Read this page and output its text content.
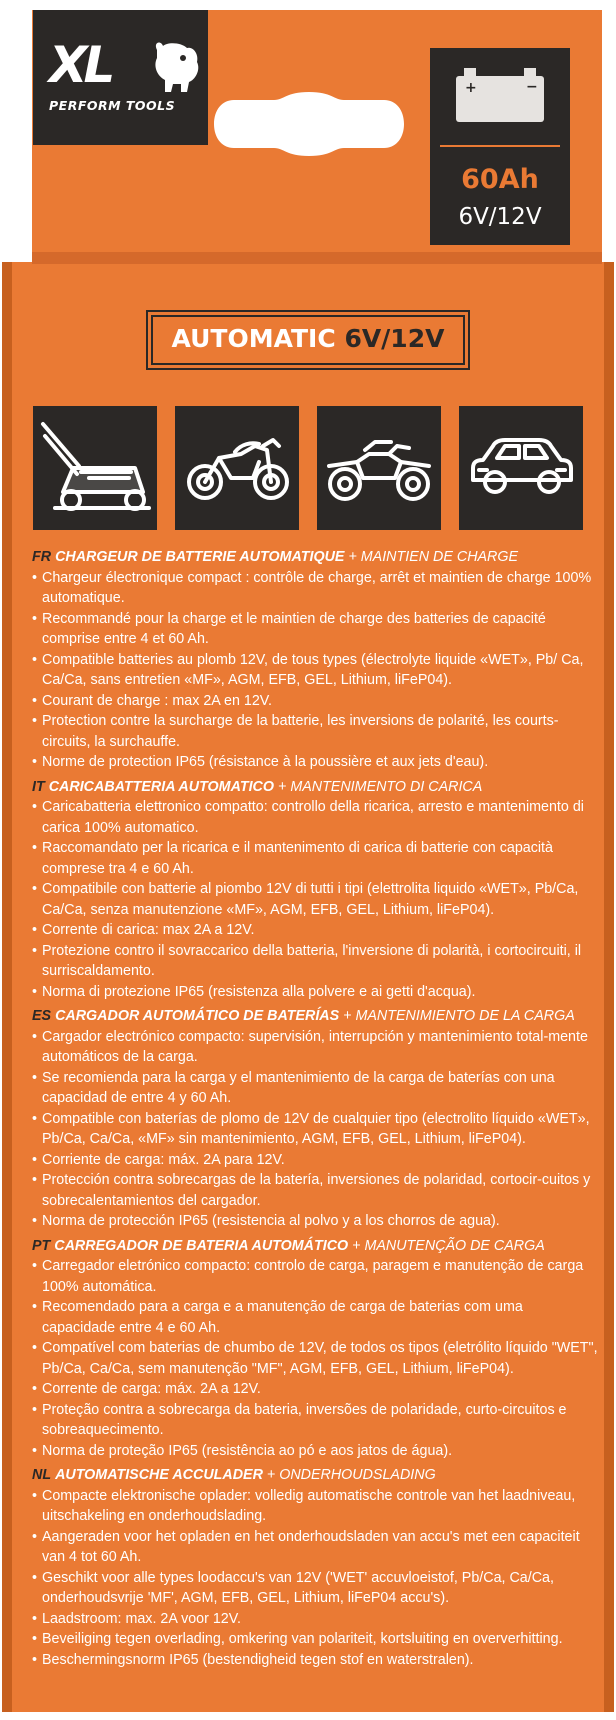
XL
PERFORM TOOLS
+	−
60Ah
6V/12V
AUTOMATIC 6V/12V
FR CHARGEUR DE BATTERIE AUTOMATIQUE + MAINTIEN DE CHARGE
• Chargeur électronique compact : contrôle de charge, arrêt et maintien de charge 100% automatique.
• Recommandé pour la charge et le maintien de charge des batteries de capacité comprise entre 4 et 60 Ah.
• Compatible batteries au plomb 12V, de tous types (électrolyte liquide «WET», Pb/ Ca, Ca/Ca, sans entretien «MF», AGM, EFB, GEL, Lithium, liFeP04).
• Courant de charge : max 2A en 12V.
• Protection contre la surcharge de la batterie, les inversions de polarité, les courts-circuits, la surchauffe.
• Norme de protection IP65 (résistance à la poussière et aux jets d'eau).
IT CARICABATTERIA AUTOMATICO + MANTENIMENTO DI CARICA
• Caricabatteria elettronico compatto: controllo della ricarica, arresto e mantenimento di carica 100% automatico.
• Raccomandato per la ricarica e il mantenimento di carica di batterie con capacità comprese tra 4 e 60 Ah.
• Compatibile con batterie al piombo 12V di tutti i tipi (elettrolita liquido «WET», Pb/Ca, Ca/Ca, senza manutenzione «MF», AGM, EFB, GEL, Lithium, liFeP04).
• Corrente di carica: max 2A a 12V.
• Protezione contro il sovraccarico della batteria, l'inversione di polarità, i cortocircuiti, il surriscaldamento.
• Norma di protezione IP65 (resistenza alla polvere e ai getti d'acqua).
ES CARGADOR AUTOMÁTICO DE BATERÍAS + MANTENIMIENTO DE LA CARGA
• Cargador electrónico compacto: supervisión, interrupción y mantenimiento total-mente automáticos de la carga.
• Se recomienda para la carga y el mantenimiento de la carga de baterías con una capacidad de entre 4 y 60 Ah.
• Compatible con baterías de plomo de 12V de cualquier tipo (electrolito líquido «WET», Pb/Ca, Ca/Ca, «MF» sin mantenimiento, AGM, EFB, GEL, Lithium, liFeP04).
• Corriente de carga: máx. 2A para 12V.
• Protección contra sobrecargas de la batería, inversiones de polaridad, cortocir-cuitos y sobrecalentamientos del cargador.
• Norma de protección IP65 (resistencia al polvo y a los chorros de agua).
PT CARREGADOR DE BATERIA AUTOMÁTICO + MANUTENÇÃO DE CARGA
• Carregador eletrónico compacto: controlo de carga, paragem e manutenção de carga 100% automática.
• Recomendado para a carga e a manutenção de carga de baterias com uma capacidade entre 4 e 60 Ah.
• Compatível com baterias de chumbo de 12V, de todos os tipos (eletrólito líquido "WET", Pb/Ca, Ca/Ca, sem manutenção "MF", AGM, EFB, GEL, Lithium, liFeP04).
• Corrente de carga: máx. 2A a 12V.
• Proteção contra a sobrecarga da bateria, inversões de polaridade, curto-circuitos e sobreaquecimento.
• Norma de proteção IP65 (resistência ao pó e aos jatos de água).
NL AUTOMATISCHE ACCULADER + ONDERHOUDSLADING
• Compacte elektronische oplader: volledig automatische controle van het laadniveau, uitschakeling en onderhoudslading.
• Aangeraden voor het opladen en het onderhoudsladen van accu's met een capaciteit van 4 tot 60 Ah.
• Geschikt voor alle types loodaccu's van 12V ('WET' accuvloeistof, Pb/Ca, Ca/Ca, onderhoudsvrije 'MF', AGM, EFB, GEL, Lithium, liFeP04 accu's).
• Laadstroom: max. 2A voor 12V.
• Beveiliging tegen overlading, omkering van polariteit, kortsluiting en oververhitting.
• Beschermingsnorm IP65 (bestendigheid tegen stof en waterstralen).
